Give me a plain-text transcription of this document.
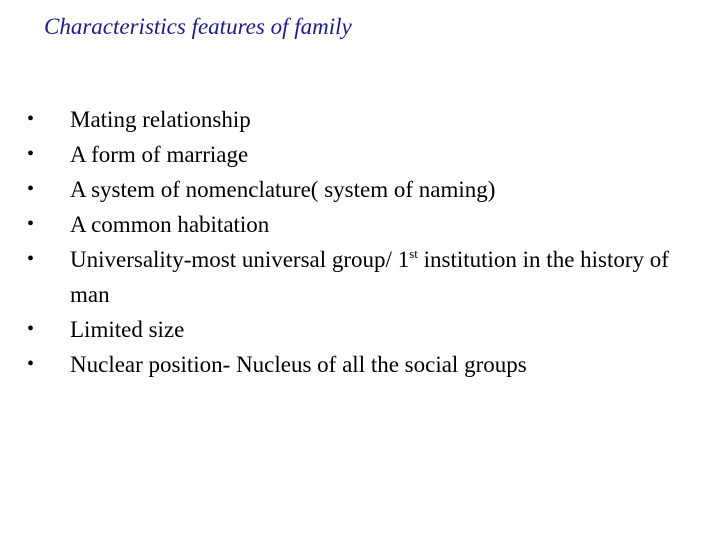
Characteristics features of family
• Mating relationship
• A form of marriage
• A system of nomenclature( system of naming)
• A common habitation
• Universality-most universal group/ 1st institution in the history of man
• Limited size
• Nuclear position- Nucleus of all the social groups
